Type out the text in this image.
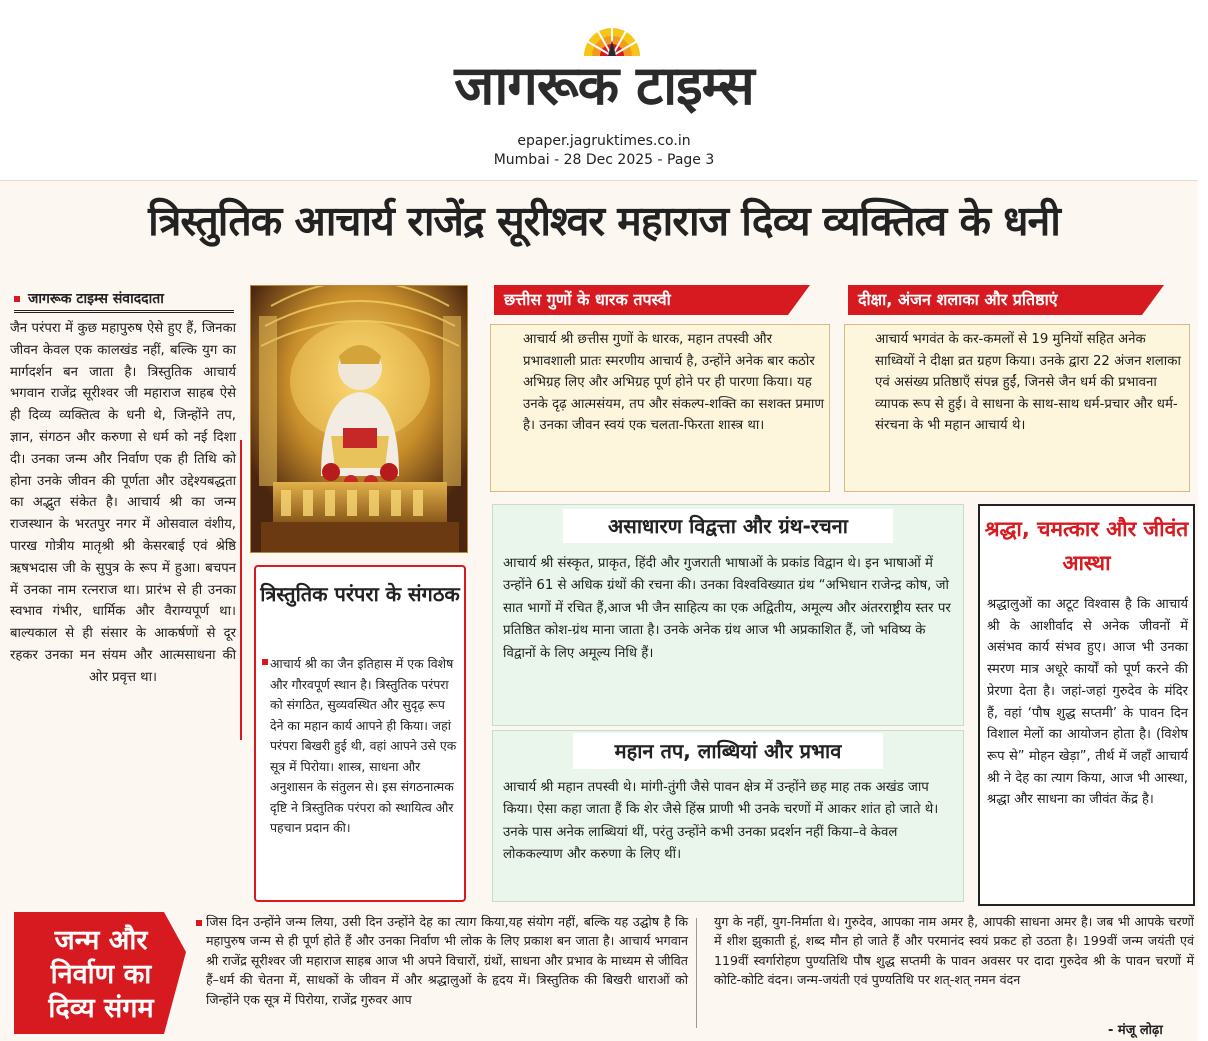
जागरूक टाइम्स
epaper.jagruktimes.co.in
Mumbai - 28 Dec 2025 - Page 3
त्रिस्तुतिक आचार्य राजेंद्र सूरीश्वर महाराज दिव्य व्यक्तित्व के धनी
जागरूक टाइम्स संवाददाता
जैन परंपरा में कुछ महापुरुष ऐसे हुए हैं, जिनका जीवन केवल एक कालखंड नहीं, बल्कि युग का मार्गदर्शन बन जाता है। त्रिस्तुतिक आचार्य भगवान राजेंद्र सूरीश्वर जी महाराज साहब ऐसे ही दिव्य व्यक्तित्व के धनी थे, जिन्होंने तप, ज्ञान, संगठन और करुणा से धर्म को नई दिशा दी। उनका जन्म और निर्वाण एक ही तिथि को होना उनके जीवन की पूर्णता और उद्देश्यबद्धता का अद्भुत संकेत है। आचार्य श्री का जन्म राजस्थान के भरतपुर नगर में ओसवाल वंशीय, पारख गोत्रीय मातृश्री श्री केसरबाई एवं श्रेष्ठि ऋषभदास जी के सुपुत्र के रूप में हुआ। बचपन में उनका नाम रत्नराज था। प्रारंभ से ही उनका स्वभाव गंभीर, धार्मिक और वैराग्यपूर्ण था। बाल्यकाल से ही संसार के आकर्षणों से दूर रहकर उनका मन संयम और आत्मसाधना की ओर प्रवृत्त था।
त्रिस्तुतिक परंपरा के संगठक
आचार्य श्री का जैन इतिहास में एक विशेष और गौरवपूर्ण स्थान है। त्रिस्तुतिक परंपरा को संगठित, सुव्यवस्थित और सुदृढ़ रूप देने का महान कार्य आपने ही किया। जहां परंपरा बिखरी हुई थी, वहां आपने उसे एक सूत्र में पिरोया। शास्त्र, साधना और अनुशासन के संतुलन से। इस संगठनात्मक दृष्टि ने त्रिस्तुतिक परंपरा को स्थायित्व और पहचान प्रदान की।
छत्तीस गुणों के धारक तपस्वी
आचार्य श्री छत्तीस गुणों के धारक, महान तपस्वी और प्रभावशाली प्रातः स्मरणीय आचार्य है, उन्होंने अनेक बार कठोर अभिग्रह लिए और अभिग्रह पूर्ण होने पर ही पारणा किया। यह उनके दृढ़ आत्मसंयम, तप और संकल्प-शक्ति का सशक्त प्रमाण है। उनका जीवन स्वयं एक चलता-फिरता शास्त्र था।
दीक्षा, अंजन शलाका और प्रतिष्ठाएं
आचार्य भगवंत के कर-कमलों से 19 मुनियों सहित अनेक साध्वियों ने दीक्षा व्रत ग्रहण किया। उनके द्वारा 22 अंजन शलाका एवं असंख्य प्रतिष्ठाएँ संपन्न हुईं, जिनसे जैन धर्म की प्रभावना व्यापक रूप से हुई। वे साधना के साथ-साथ धर्म-प्रचार और धर्म-संरचना के भी महान आचार्य थे।
असाधारण विद्वत्ता और ग्रंथ-रचना
आचार्य श्री संस्कृत, प्राकृत, हिंदी और गुजराती भाषाओं के प्रकांड विद्वान थे। इन भाषाओं में उन्होंने 61 से अधिक ग्रंथों की रचना की। उनका विश्वविख्यात ग्रंथ “अभिधान राजेन्द्र कोष, जो सात भागों में रचित हैं,आज भी जैन साहित्य का एक अद्वितीय, अमूल्य और अंतरराष्ट्रीय स्तर पर प्रतिष्ठित कोश-ग्रंथ माना जाता है। उनके अनेक ग्रंथ आज भी अप्रकाशित हैं, जो भविष्य के विद्वानों के लिए अमूल्य निधि हैं।
महान तप, लाब्धियां और प्रभाव
आचार्य श्री महान तपस्वी थे। मांगी-तुंगी जैसे पावन क्षेत्र में उन्होंने छह माह तक अखंड जाप किया। ऐसा कहा जाता हैं कि शेर जैसे हिंस्र प्राणी भी उनके चरणों में आकर शांत हो जाते थे। उनके पास अनेक लाब्धियां थीं, परंतु उन्होंने कभी उनका प्रदर्शन नहीं किया–वे केवल लोककल्याण और करुणा के लिए थीं।
श्रद्धा, चमत्कार और जीवंत आस्था
श्रद्धालुओं का अटूट विश्वास है कि आचार्य श्री के आशीर्वाद से अनेक जीवनों में असंभव कार्य संभव हुए। आज भी उनका स्मरण मात्र अधूरे कार्यों को पूर्ण करने की प्रेरणा देता है। जहां-जहां गुरुदेव के मंदिर हैं, वहां ‘पौष शुद्ध सप्तमी’ के पावन दिन विशाल मेलों का आयोजन होता है। (विशेष रूप से” मोहन खेड़ा”, तीर्थ में जहाँ आचार्य श्री ने देह का त्याग किया, आज भी आस्था, श्रद्धा और साधना का जीवंत केंद्र है।
जन्म और निर्वाण का दिव्य संगम
जिस दिन उन्होंने जन्म लिया, उसी दिन उन्होंने देह का त्याग किया,यह संयोग नहीं, बल्कि यह उद्घोष है कि महापुरुष जन्म से ही पूर्ण होते हैं और उनका निर्वाण भी लोक के लिए प्रकाश बन जाता है। आचार्य भगवान श्री राजेंद्र सूरीश्वर जी महाराज साहब आज भी अपने विचारों, ग्रंथों, साधना और प्रभाव के माध्यम से जीवित हैं–धर्म की चेतना में, साधकों के जीवन में और श्रद्धालुओं के हृदय में। त्रिस्तुतिक की बिखरी धाराओं को जिन्होंने एक सूत्र में पिरोया, राजेंद्र गुरुवर आप
युग के नहीं, युग-निर्माता थे। गुरुदेव, आपका नाम अमर है, आपकी साधना अमर है। जब भी आपके चरणों में शीश झुकाती हूं, शब्द मौन हो जाते हैं और परमानंद स्वयं प्रकट हो उठता है। 199वीं जन्म जयंती एवं 119वीं स्वर्गारोहण पुण्यतिथि पौष शुद्ध सप्तमी के पावन अवसर पर दादा गुरुदेव श्री के पावन चरणों में कोटि-कोटि वंदन। जन्म-जयंती एवं पुण्यतिथि पर शत्-शत् नमन वंदन
- मंजू लोढ़ा
